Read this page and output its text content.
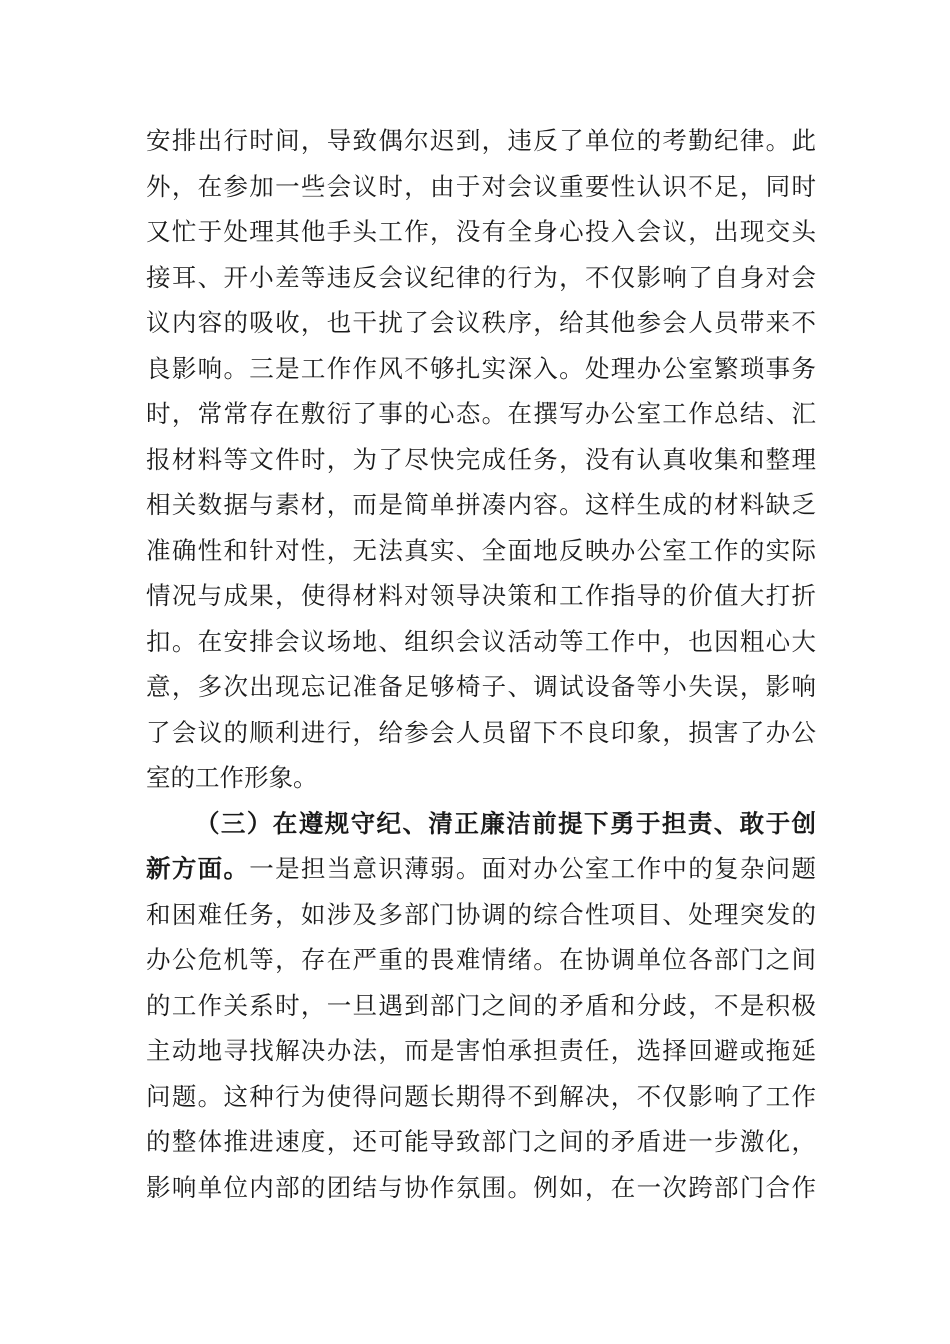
安排出行时间，导致偶尔迟到，违反了单位的考勤纪律。此
外，在参加一些会议时，由于对会议重要性认识不足，同时
又忙于处理其他手头工作，没有全身心投入会议，出现交头
接耳、开小差等违反会议纪律的行为，不仅影响了自身对会
议内容的吸收，也干扰了会议秩序，给其他参会人员带来不
良影响。三是工作作风不够扎实深入。处理办公室繁琐事务
时，常常存在敷衍了事的心态。在撰写办公室工作总结、汇
报材料等文件时，为了尽快完成任务，没有认真收集和整理
相关数据与素材，而是简单拼凑内容。这样生成的材料缺乏
准确性和针对性，无法真实、全面地反映办公室工作的实际
情况与成果，使得材料对领导决策和工作指导的价值大打折
扣。在安排会议场地、组织会议活动等工作中，也因粗心大
意，多次出现忘记准备足够椅子、调试设备等小失误，影响
了会议的顺利进行，给参会人员留下不良印象，损害了办公
室的工作形象。
（三）在遵规守纪、清正廉洁前提下勇于担责、敢于创
新方面。一是担当意识薄弱。面对办公室工作中的复杂问题
和困难任务，如涉及多部门协调的综合性项目、处理突发的
办公危机等，存在严重的畏难情绪。在协调单位各部门之间
的工作关系时，一旦遇到部门之间的矛盾和分歧，不是积极
主动地寻找解决办法，而是害怕承担责任，选择回避或拖延
问题。这种行为使得问题长期得不到解决，不仅影响了工作
的整体推进速度，还可能导致部门之间的矛盾进一步激化，
影响单位内部的团结与协作氛围。例如，在一次跨部门合作
